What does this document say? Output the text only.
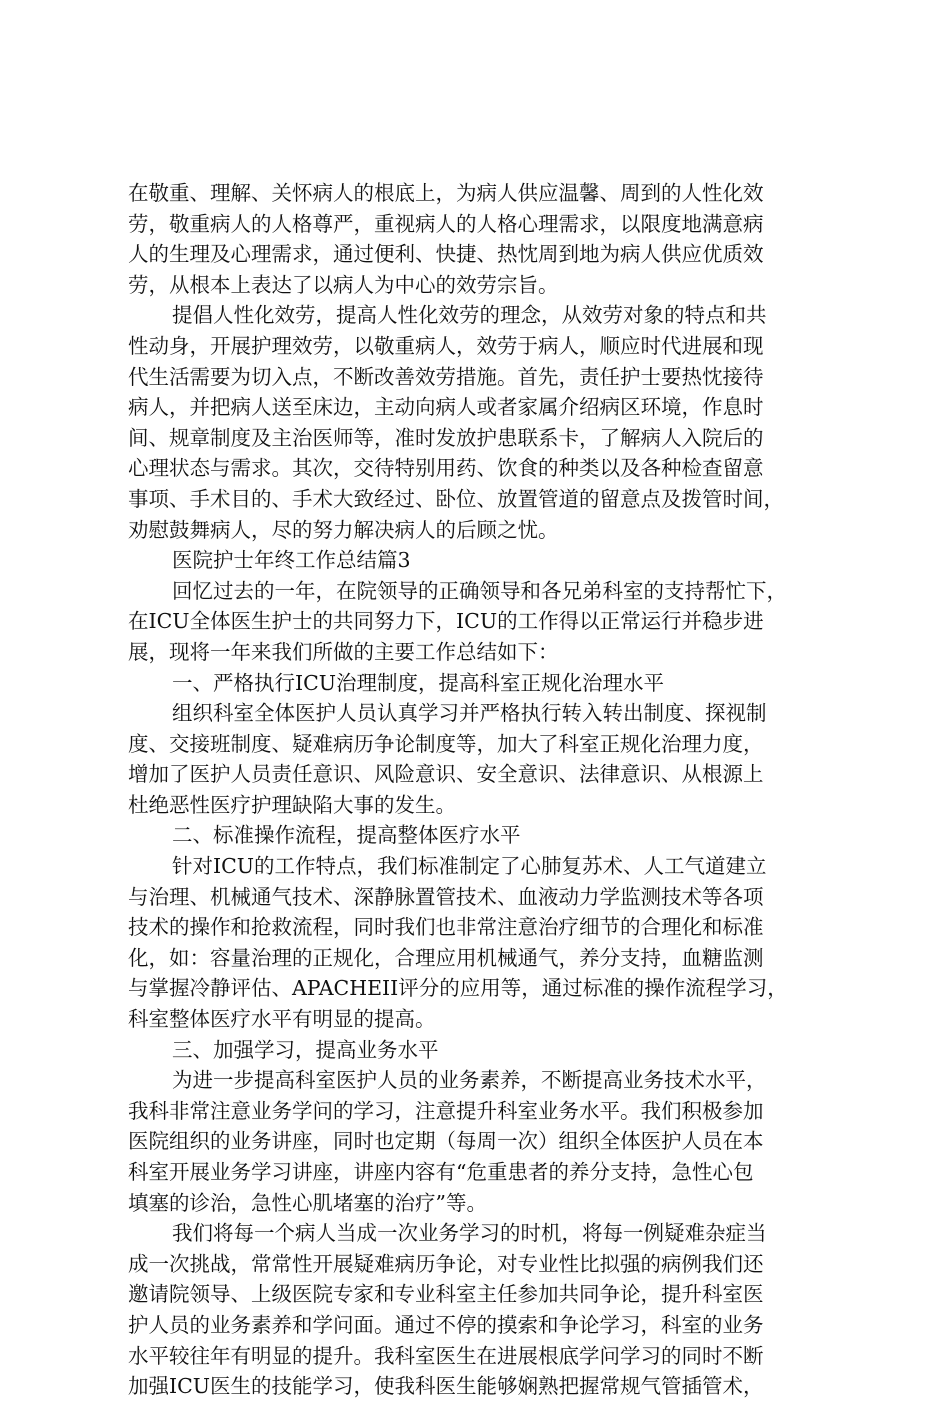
在敬重、理解、关怀病人的根底上，为病人供应温馨、周到的人性化效
劳，敬重病人的人格尊严，重视病人的人格心理需求，以限度地满意病
人的生理及心理需求，通过便利、快捷、热忱周到地为病人供应优质效
劳，从根本上表达了以病人为中心的效劳宗旨。
提倡人性化效劳，提高人性化效劳的理念，从效劳对象的特点和共
性动身，开展护理效劳，以敬重病人，效劳于病人，顺应时代进展和现
代生活需要为切入点，不断改善效劳措施。首先，责任护士要热忱接待
病人，并把病人送至床边，主动向病人或者家属介绍病区环境，作息时
间、规章制度及主治医师等，准时发放护患联系卡，了解病人入院后的
心理状态与需求。其次，交待特别用药、饮食的种类以及各种检查留意
事项、手术目的、手术大致经过、卧位、放置管道的留意点及拨管时间，
劝慰鼓舞病人，尽的努力解决病人的后顾之忧。
医院护士年终工作总结篇3
回忆过去的一年，在院领导的正确领导和各兄弟科室的支持帮忙下，
在ICU全体医生护士的共同努力下，ICU的工作得以正常运行并稳步进
展，现将一年来我们所做的主要工作总结如下：
一、严格执行ICU治理制度，提高科室正规化治理水平
组织科室全体医护人员认真学习并严格执行转入转出制度、探视制
度、交接班制度、疑难病历争论制度等，加大了科室正规化治理力度，
增加了医护人员责任意识、风险意识、安全意识、法律意识、从根源上
杜绝恶性医疗护理缺陷大事的发生。
二、标准操作流程，提高整体医疗水平
针对ICU的工作特点，我们标准制定了心肺复苏术、人工气道建立
与治理、机械通气技术、深静脉置管技术、血液动力学监测技术等各项
技术的操作和抢救流程，同时我们也非常注意治疗细节的合理化和标准
化，如：容量治理的正规化，合理应用机械通气，养分支持，血糖监测
与掌握冷静评估、APACHEII评分的应用等，通过标准的操作流程学习，
科室整体医疗水平有明显的提高。
三、加强学习，提高业务水平
为进一步提高科室医护人员的业务素养，不断提高业务技术水平，
我科非常注意业务学问的学习，注意提升科室业务水平。我们积极参加
医院组织的业务讲座，同时也定期（每周一次）组织全体医护人员在本
科室开展业务学习讲座，讲座内容有“危重患者的养分支持，急性心包
填塞的诊治，急性心肌堵塞的治疗”等。
我们将每一个病人当成一次业务学习的时机，将每一例疑难杂症当
成一次挑战，常常性开展疑难病历争论，对专业性比拟强的病例我们还
邀请院领导、上级医院专家和专业科室主任参加共同争论，提升科室医
护人员的业务素养和学问面。通过不停的摸索和争论学习，科室的业务
水平较往年有明显的提升。我科室医生在进展根底学问学习的同时不断
加强ICU医生的技能学习，使我科医生能够娴熟把握常规气管插管术，
